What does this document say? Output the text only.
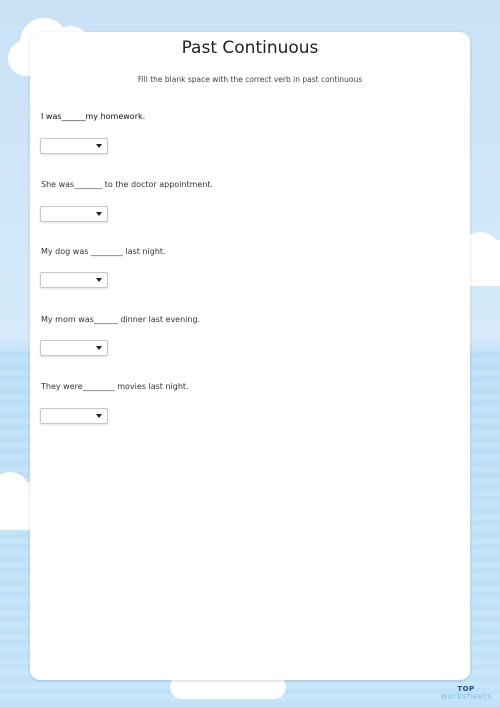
Past Continuous
Fill the blank space with the correct verb in past continuous
I was______my homework.
She was_______ to the doctor appointment.
My dog was ________ last night.
My mom was______ dinner last evening.
They were________ movies last night.
TOP
worksheets
